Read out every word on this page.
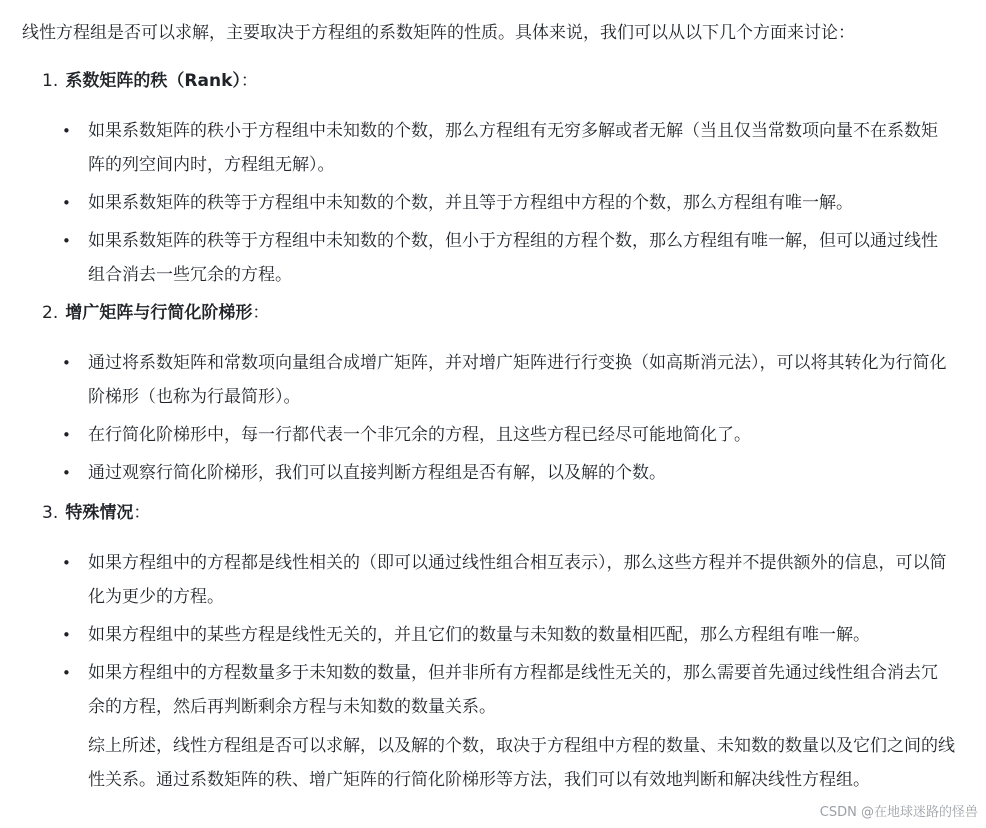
线性方程组是否可以求解，主要取决于方程组的系数矩阵的性质。具体来说，我们可以从以下几个方面来讨论：
1. 系数矩阵的秩（Rank）：
•	如果系数矩阵的秩小于方程组中未知数的个数，那么方程组有无穷多解或者无解（当且仅当常数项向量不在系数矩阵的列空间内时，方程组无解）。
•	如果系数矩阵的秩等于方程组中未知数的个数，并且等于方程组中方程的个数，那么方程组有唯一解。
•	如果系数矩阵的秩等于方程组中未知数的个数，但小于方程组的方程个数，那么方程组有唯一解，但可以通过线性组合消去一些冗余的方程。
2. 增广矩阵与行简化阶梯形：
•	通过将系数矩阵和常数项向量组合成增广矩阵，并对增广矩阵进行行变换（如高斯消元法），可以将其转化为行简化阶梯形（也称为行最简形）。
•	在行简化阶梯形中，每一行都代表一个非冗余的方程，且这些方程已经尽可能地简化了。
•	通过观察行简化阶梯形，我们可以直接判断方程组是否有解，以及解的个数。
3. 特殊情况：
•	如果方程组中的方程都是线性相关的（即可以通过线性组合相互表示），那么这些方程并不提供额外的信息，可以简化为更少的方程。
•	如果方程组中的某些方程是线性无关的，并且它们的数量与未知数的数量相匹配，那么方程组有唯一解。
•	如果方程组中的方程数量多于未知数的数量，但并非所有方程都是线性无关的，那么需要首先通过线性组合消去冗余的方程，然后再判断剩余方程与未知数的数量关系。
综上所述，线性方程组是否可以求解，以及解的个数，取决于方程组中方程的数量、未知数的数量以及它们之间的线性关系。通过系数矩阵的秩、增广矩阵的行简化阶梯形等方法，我们可以有效地判断和解决线性方程组。
CSDN @在地球迷路的怪兽
